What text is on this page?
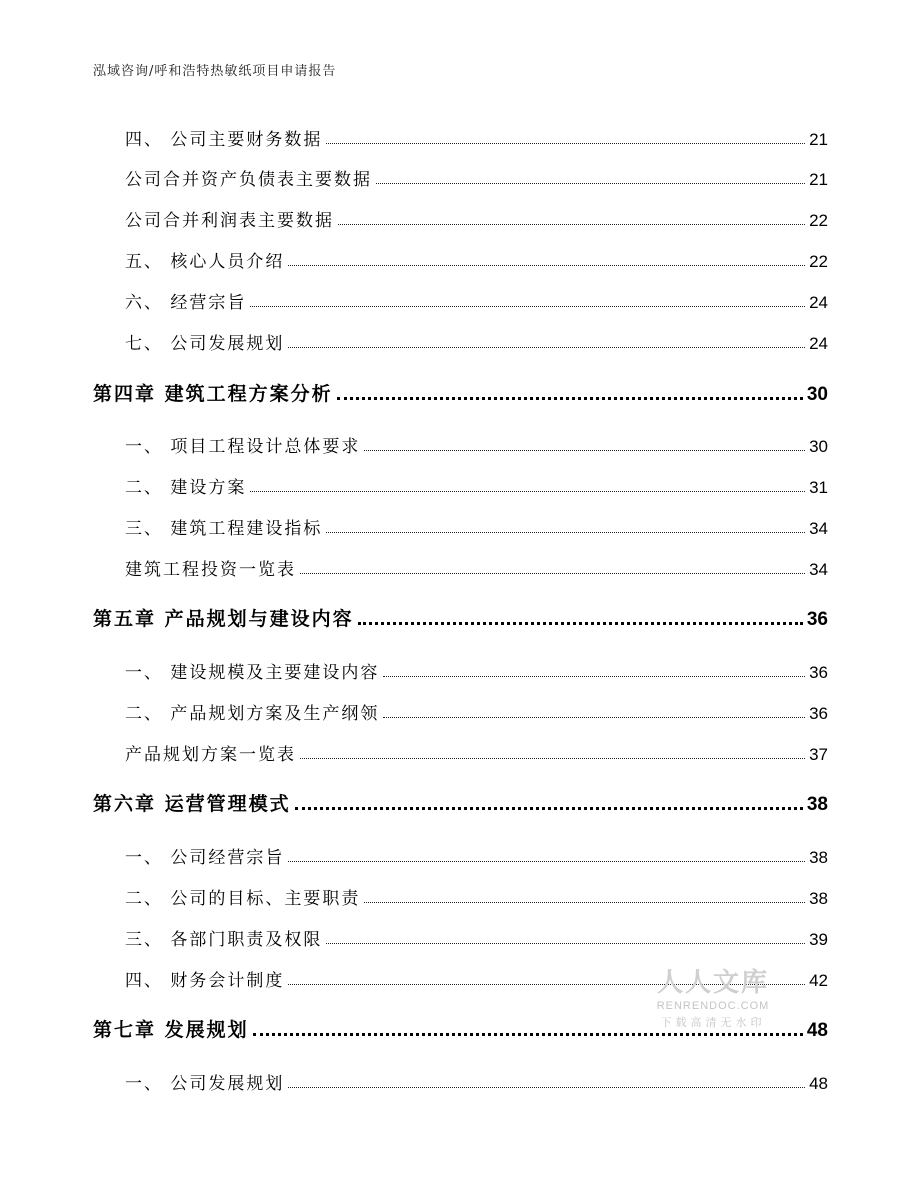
泓域咨询/呼和浩特热敏纸项目申请报告
四、 公司主要财务数据	21
公司合并资产负债表主要数据	21
公司合并利润表主要数据	22
五、 核心人员介绍	22
六、 经营宗旨	24
七、 公司发展规划	24
第四章 建筑工程方案分析	30
一、 项目工程设计总体要求	30
二、 建设方案	31
三、 建筑工程建设指标	34
建筑工程投资一览表	34
第五章 产品规划与建设内容	36
一、 建设规模及主要建设内容	36
二、 产品规划方案及生产纲领	36
产品规划方案一览表	37
第六章 运营管理模式	38
一、 公司经营宗旨	38
二、 公司的目标、主要职责	38
三、 各部门职责及权限	39
四、 财务会计制度	42
第七章 发展规划	48
一、 公司发展规划	48
人人文库
RENRENDOC.COM
下载高清无水印
